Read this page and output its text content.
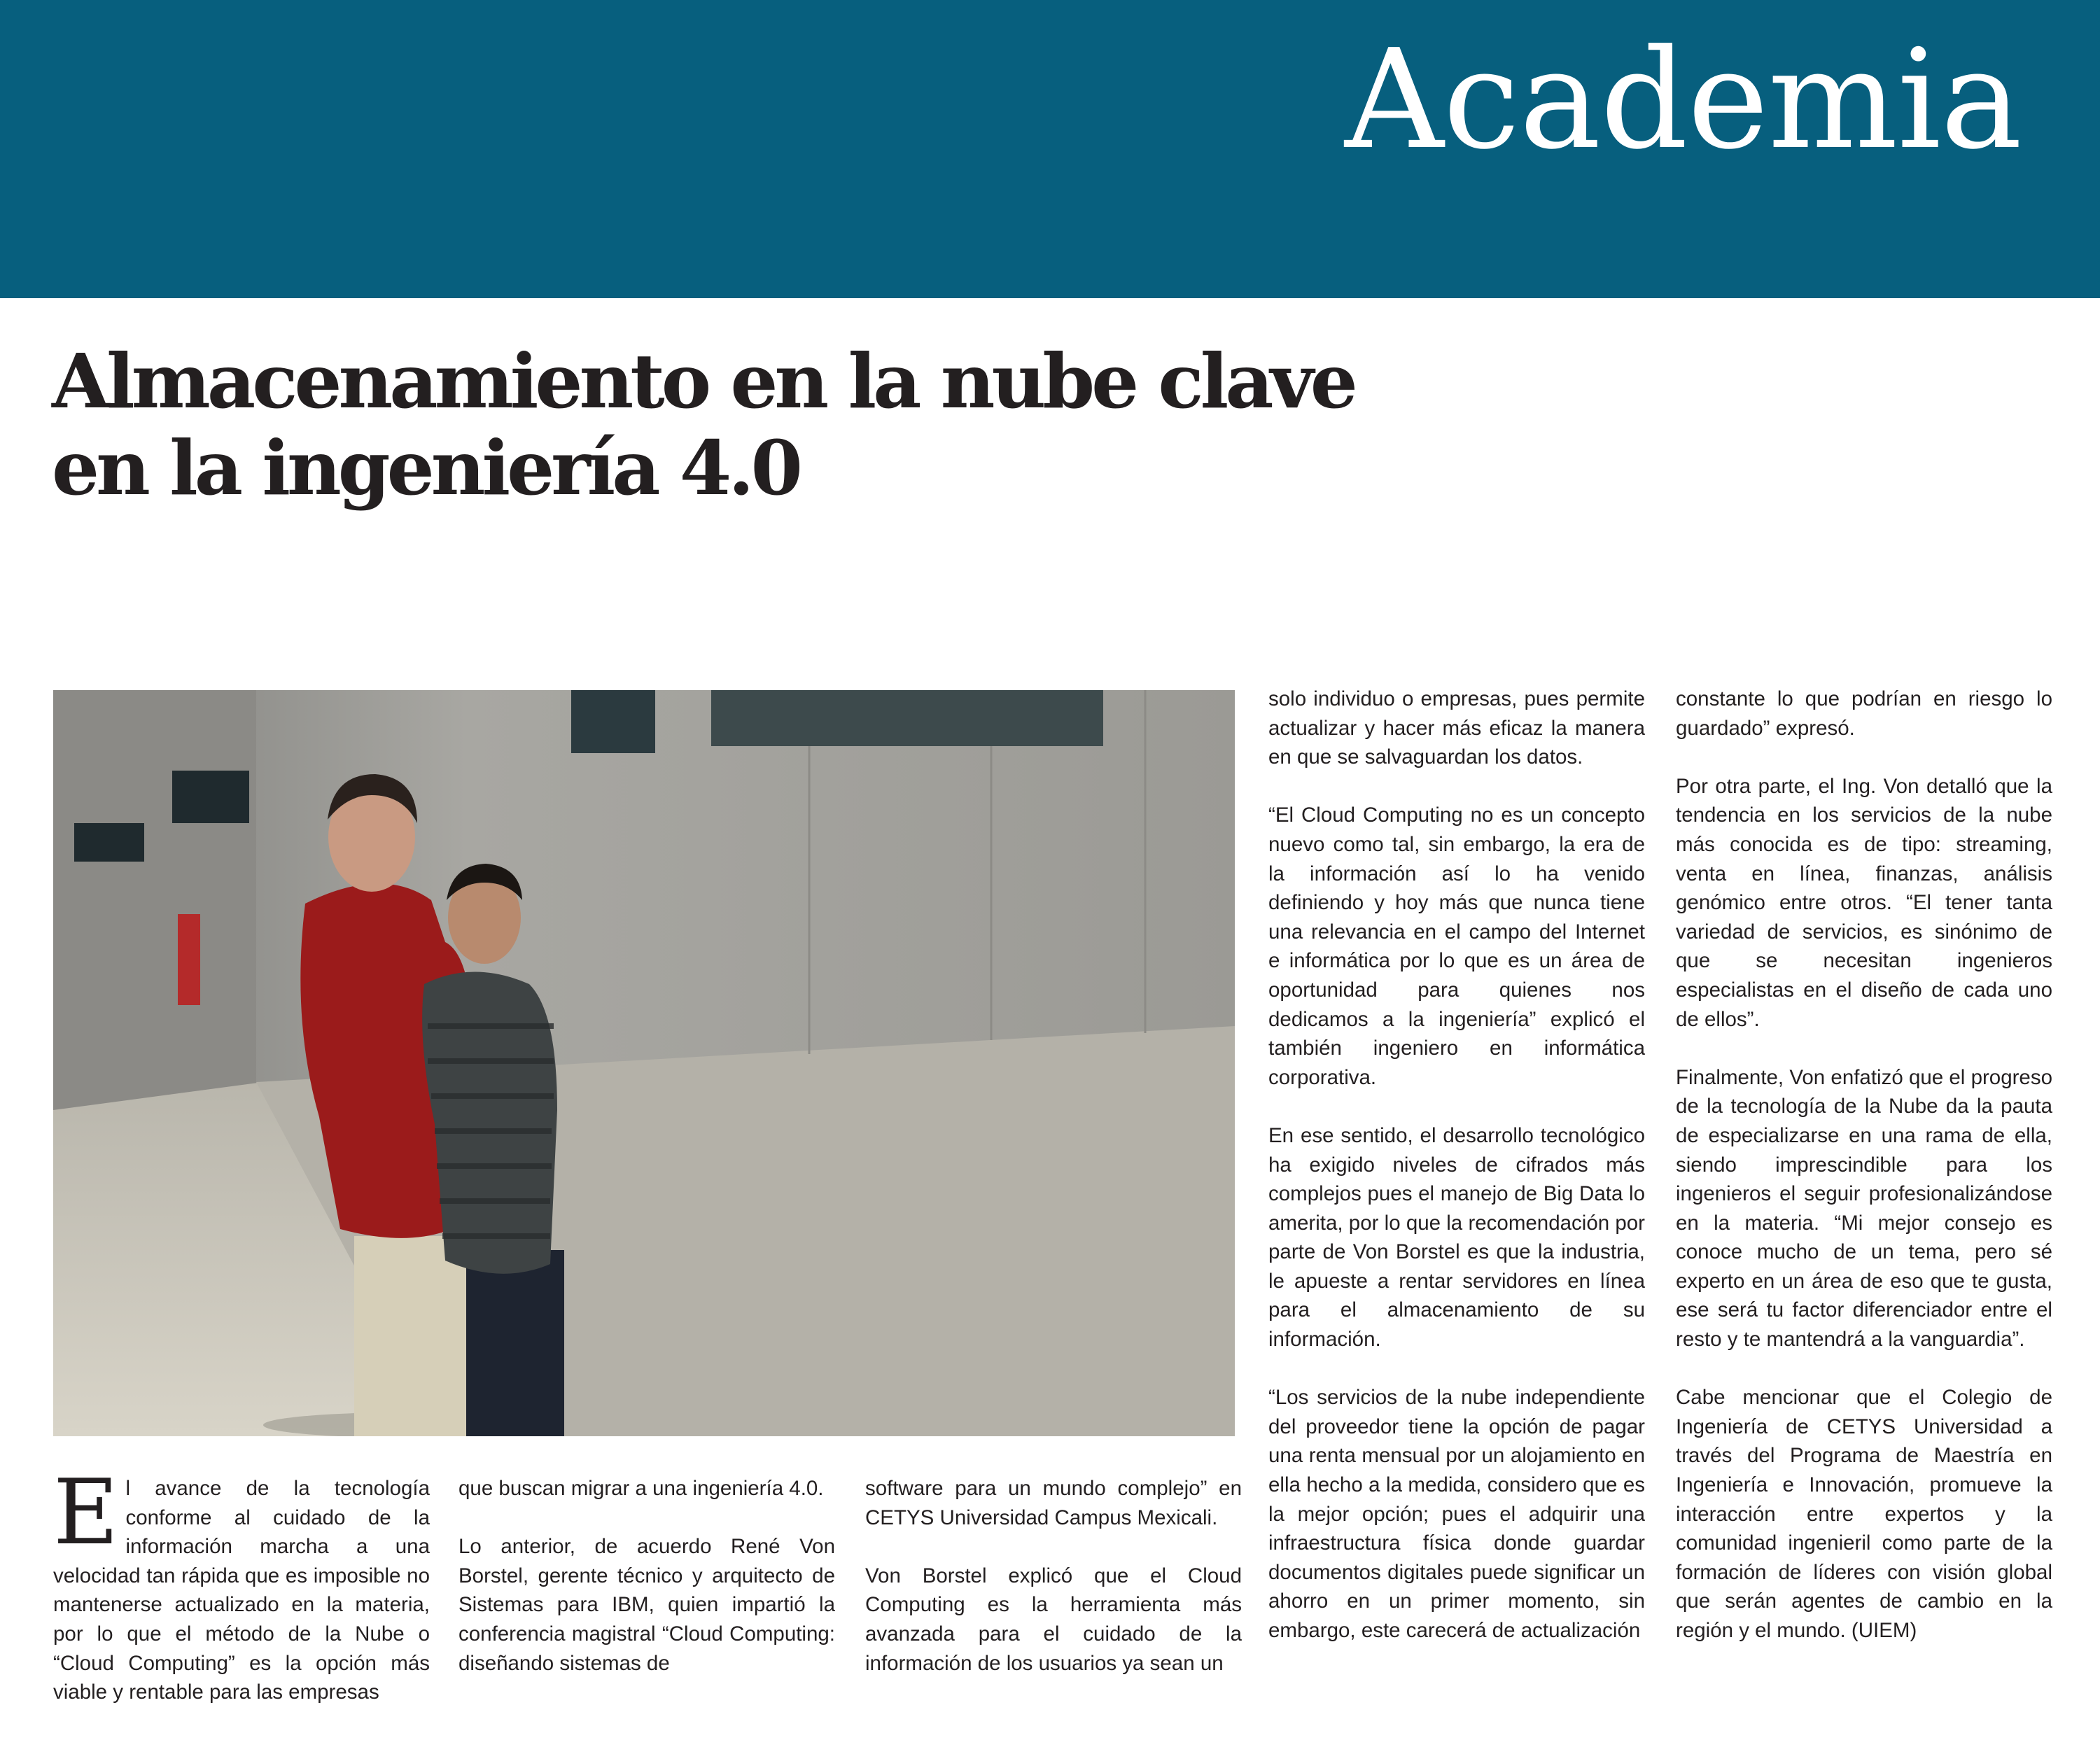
Academia
Almacenamiento en la nube clave
en la ingeniería 4.0

El avance de la tecnología conforme al cuidado de la información marcha a una velocidad tan rápida que es imposible no mantenerse actualizado en la materia, por lo que el método de la Nube o “Cloud Computing” es la opción más viable y rentable para las empresas

que buscan migrar a una ingeniería 4.0.

Lo anterior, de acuerdo René Von Borstel, gerente técnico y arquitecto de Sistemas para IBM, quien impartió la conferencia magistral “Cloud Computing: diseñando sistemas de

software para un mundo complejo” en CETYS Universidad Campus Mexicali.

Von Borstel explicó que el Cloud Computing es la herramienta más avanzada para el cuidado de la información de los usuarios ya sean un

solo individuo o empresas, pues permite actualizar y hacer más eficaz la manera en que se salvaguardan los datos.

“El Cloud Computing no es un concepto nuevo como tal, sin embargo, la era de la información así lo ha venido definiendo y hoy más que nunca tiene una relevancia en el campo del Internet e informática por lo que es un área de oportunidad para quienes nos dedicamos a la ingeniería” explicó el también ingeniero en informática corporativa.

En ese sentido, el desarrollo tecnológico ha exigido niveles de cifrados más complejos pues el manejo de Big Data lo amerita, por lo que la recomendación por parte de Von Borstel es que la industria, le apueste a rentar servidores en línea para el almacenamiento de su información.

“Los servicios de la nube independiente del proveedor tiene la opción de pagar una renta mensual por un alojamiento en ella hecho a la medida, considero que es la mejor opción; pues el adquirir una infraestructura física donde guardar documentos digitales puede significar un ahorro en un primer momento, sin embargo, este carecerá de actualización

constante lo que podrían en riesgo lo guardado” expresó.

Por otra parte, el Ing. Von detalló que la tendencia en los servicios de la nube más conocida es de tipo: streaming, venta en línea, finanzas, análisis genómico entre otros. “El tener tanta variedad de servicios, es sinónimo de que se necesitan ingenieros especialistas en el diseño de cada uno de ellos”.

Finalmente, Von enfatizó que el progreso de la tecnología de la Nube da la pauta de especializarse en una rama de ella, siendo imprescindible para los ingenieros el seguir profesionalizándose en la materia. “Mi mejor consejo es conoce mucho de un tema, pero sé experto en un área de eso que te gusta, ese será tu factor diferenciador entre el resto y te mantendrá a la vanguardia”.

Cabe mencionar que el Colegio de Ingeniería de CETYS Universidad a través del Programa de Maestría en Ingeniería e Innovación, promueve la interacción entre expertos y la comunidad ingenieril como parte de la formación de líderes con visión global que serán agentes de cambio en la región y el mundo. (UIEM)
